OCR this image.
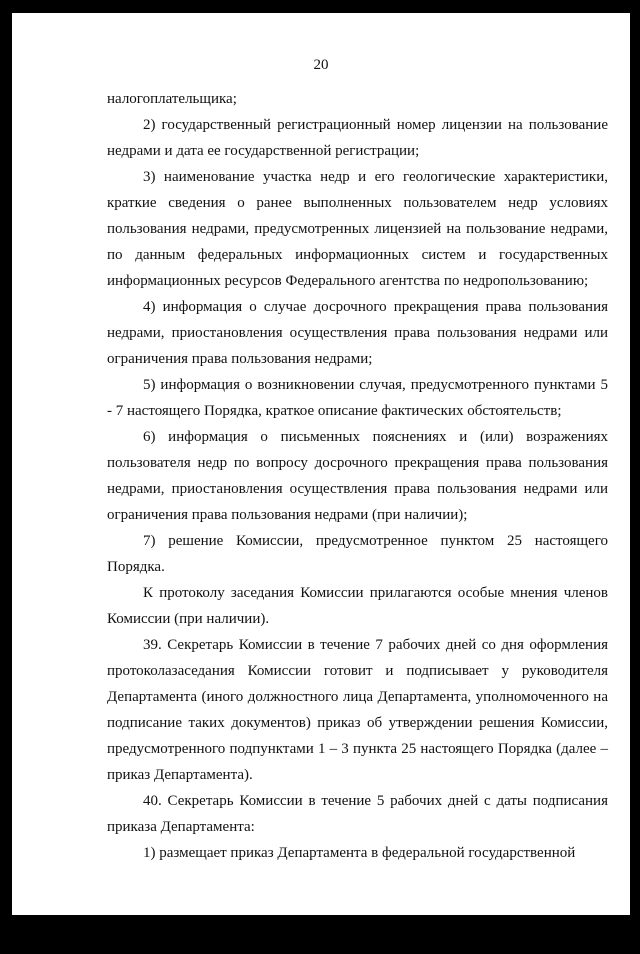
20

налогоплательщика;

2) государственный регистрационный номер лицензии на пользование недрами и дата ее государственной регистрации;

3) наименование участка недр и его геологические характеристики, краткие сведения о ранее выполненных пользователем недр условиях пользования недрами, предусмотренных лицензией на пользование недрами, по данным федеральных информационных систем и государственных информационных ресурсов Федерального агентства по недропользованию;

4) информация о случае досрочного прекращения права пользования недрами, приостановления осуществления права пользования недрами или ограничения права пользования недрами;

5) информация о возникновении случая, предусмотренного пунктами 5 - 7 настоящего Порядка, краткое описание фактических обстоятельств;

6) информация о письменных пояснениях и (или) возражениях пользователя недр по вопросу досрочного прекращения права пользования недрами, приостановления осуществления права пользования недрами или ограничения права пользования недрами (при наличии);

7) решение Комиссии, предусмотренное пунктом 25 настоящего Порядка.

К протоколу заседания Комиссии прилагаются особые мнения членов Комиссии (при наличии).

39. Секретарь Комиссии в течение 7 рабочих дней со дня оформления протоколазаседания Комиссии готовит и подписывает у руководителя Департамента (иного должностного лица Департамента, уполномоченного на подписание таких документов) приказ об утверждении решения Комиссии, предусмотренного подпунктами 1 – 3 пункта 25 настоящего Порядка (далее – приказ Департамента).

40. Секретарь Комиссии в течение 5 рабочих дней с даты подписания приказа Департамента:

1) размещает приказ Департамента в федеральной государственной
